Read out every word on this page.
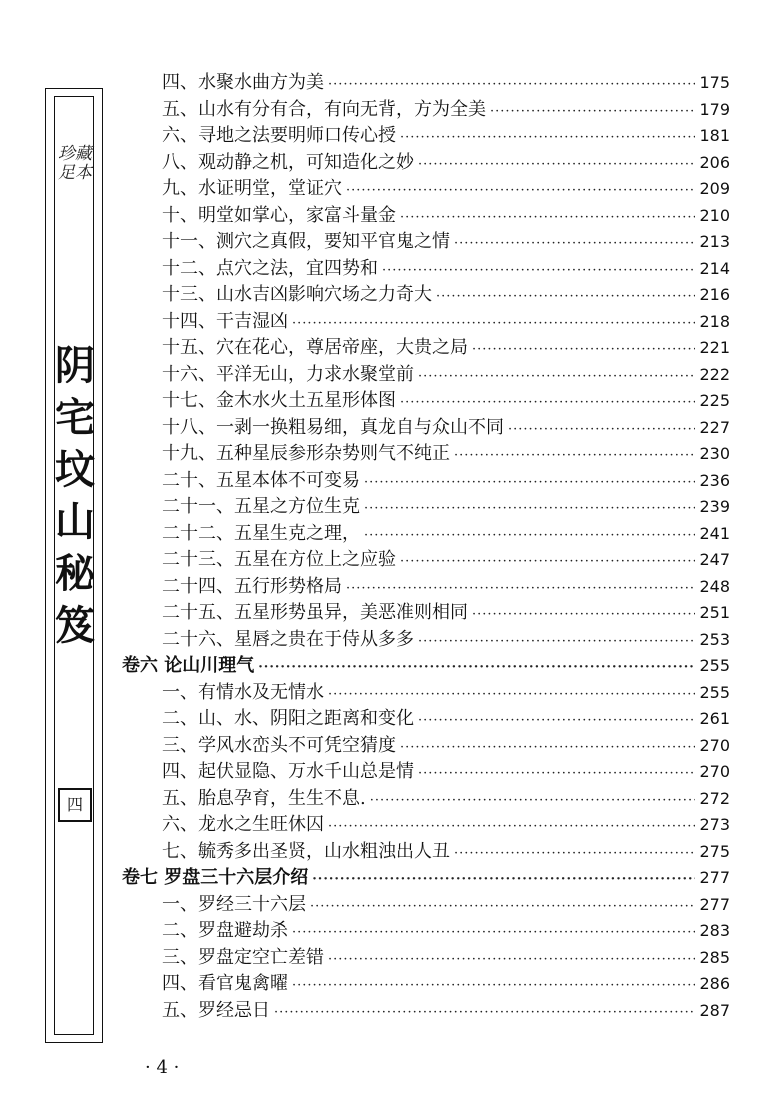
珍藏
足本
阴
宅
坟
山
秘
笈
四
四、水聚水曲方为美 ·····	175
五、山水有分有合，有向无背，方为全美 ·····	179
六、寻地之法要明师口传心授 ·····	181
八、观动静之机，可知造化之妙 ·····	206
九、水证明堂，堂证穴 ·····	209
十、明堂如掌心，家富斗量金 ·····	210
十一、测穴之真假，要知平官鬼之情 ·····	213
十二、点穴之法，宜四势和 ·····	214
十三、山水吉凶影响穴场之力奇大 ·····	216
十四、干吉湿凶 ·····	218
十五、穴在花心，尊居帝座，大贵之局 ·····	221
十六、平洋无山，力求水聚堂前 ·····	222
十七、金木水火土五星形体图 ·····	225
十八、一剥一换粗易细，真龙自与众山不同 ·····	227
十九、五种星辰参形杂势则气不纯正 ·····	230
二十、五星本体不可变易 ·····	236
二十一、五星之方位生克 ·····	239
二十二、五星生克之理， ·····	241
二十三、五星在方位上之应验 ·····	247
二十四、五行形势格局 ·····	248
二十五、五星形势虽异，美恶准则相同 ·····	251
二十六、星唇之贵在于侍从多多 ·····	253
卷六 论山川理气 ·····	255
一、有情水及无情水 ·····	255
二、山、水、阴阳之距离和变化 ·····	261
三、学风水峦头不可凭空猜度 ·····	270
四、起伏显隐、万水千山总是情 ·····	270
五、胎息孕育，生生不息. ·····	272
六、龙水之生旺休囚 ·····	273
七、毓秀多出圣贤，山水粗浊出人丑 ·····	275
卷七 罗盘三十六层介绍 ·····	277
一、罗经三十六层 ·····	277
二、罗盘避劫杀 ·····	283
三、罗盘定空亡差错 ·····	285
四、看官鬼禽曜 ·····	286
五、罗经忌日 ·····	287
· 4 ·
